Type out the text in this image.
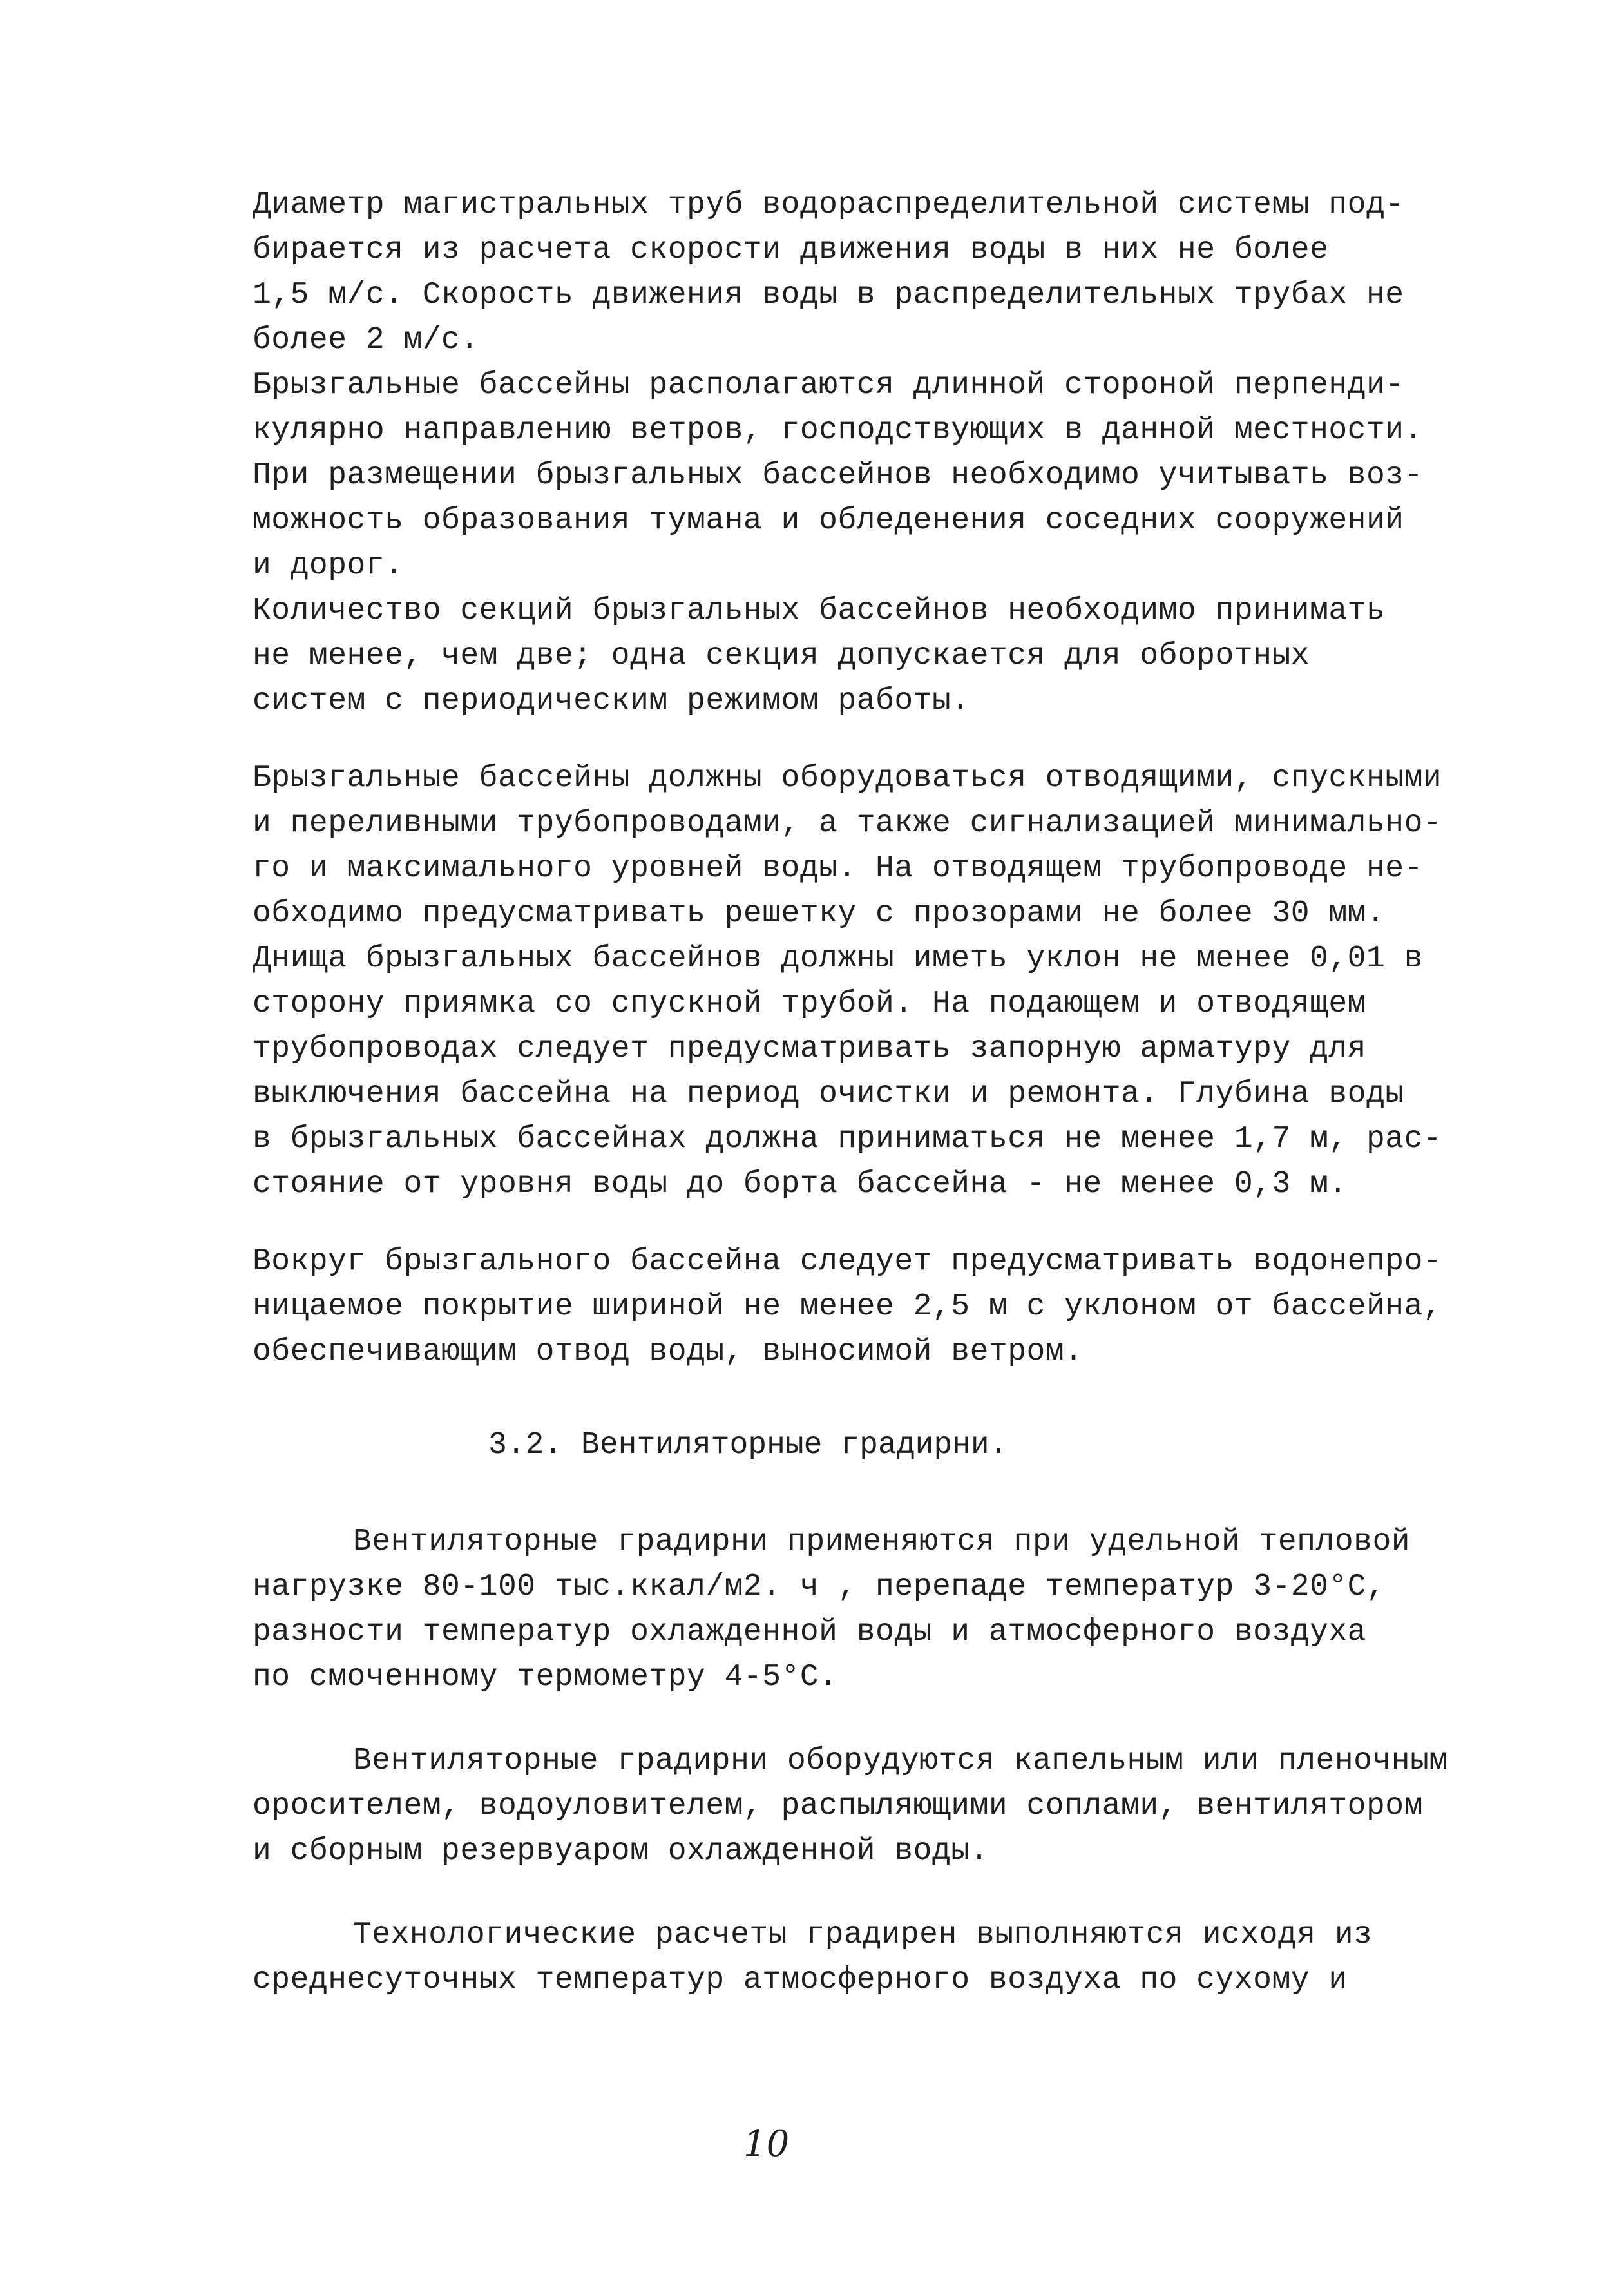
Диаметр магистральных труб водораспределительной системы под-
бирается из расчета скорости движения воды в них не более
1,5 м/с. Скорость движения воды в распределительных трубах не
более 2 м/с.
Брызгальные бассейны располагаются длинной стороной перпенди-
кулярно направлению ветров, господствующих в данной местности.
При размещении брызгальных бассейнов необходимо учитывать воз-
можность образования тумана и обледенения соседних сооружений
и дорог.
Количество секций брызгальных бассейнов необходимо принимать
не менее, чем две; одна секция допускается для оборотных
систем с периодическим режимом работы.
Брызгальные бассейны должны оборудоваться отводящими, спускными
и переливными трубопроводами, а также сигнализацией минимально-
го и максимального уровней воды. На отводящем трубопроводе не-
обходимо предусматривать решетку с прозорами не более 30 мм.
Днища брызгальных бассейнов должны иметь уклон не менее 0,01 в
сторону приямка со спускной трубой. На подающем и отводящем
трубопроводах следует предусматривать запорную арматуру для
выключения бассейна на период очистки и ремонта. Глубина воды
в брызгальных бассейнах должна приниматься не менее 1,7 м, рас-
стояние от уровня воды до борта бассейна - не менее 0,3 м.
Вокруг брызгального бассейна следует предусматривать водонепро-
ницаемое покрытие шириной не менее 2,5 м с уклоном от бассейна,
обеспечивающим отвод воды, выносимой ветром.
3.2. Вентиляторные градирни.
Вентиляторные градирни применяются при удельной тепловой
нагрузке 80-100 тыс.ккал/м2. ч , перепаде температур 3-20°С,
разности температур охлажденной воды и атмосферного воздуха
по смоченному термометру 4-5°С.
Вентиляторные градирни оборудуются капельным или пленочным
оросителем, водоуловителем, распыляющими соплами, вентилятором
и сборным резервуаром охлажденной воды.
Технологические расчеты градирен выполняются исходя из
среднесуточных температур атмосферного воздуха по сухому и
10
